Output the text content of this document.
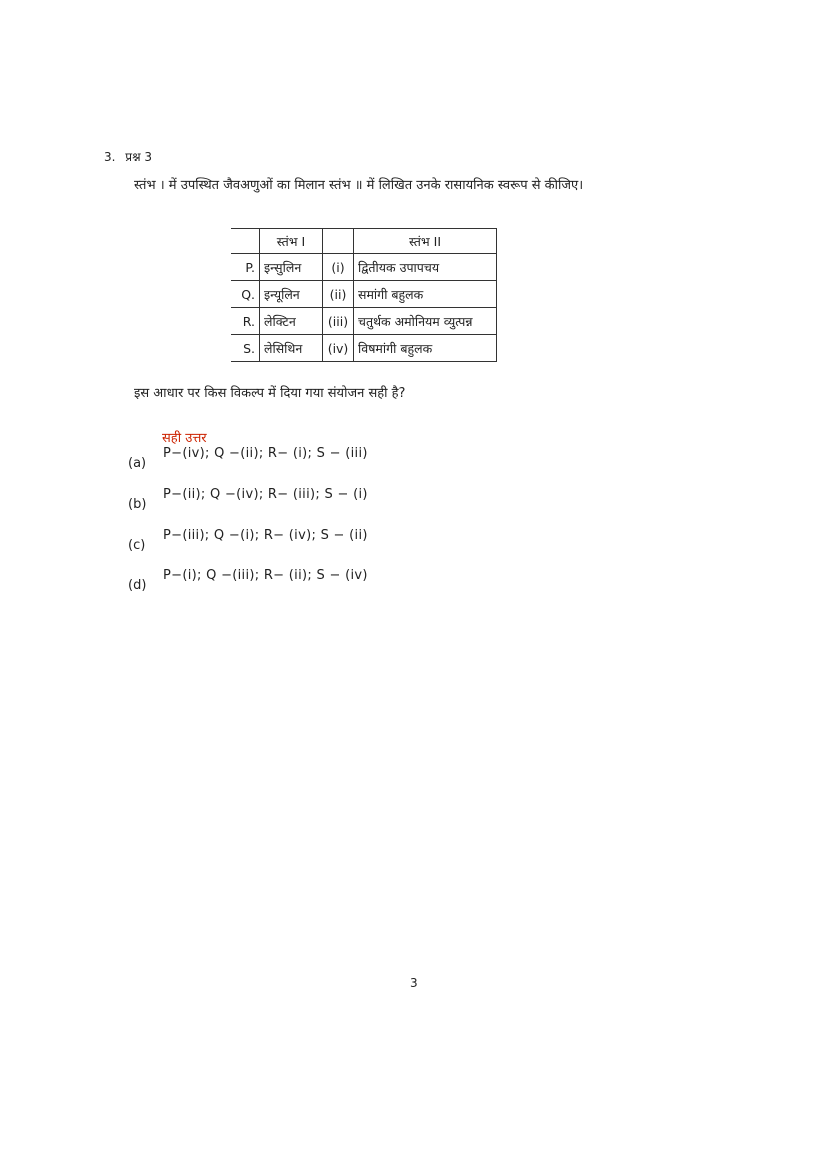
3. प्रश्न 3
स्तंभ । में उपस्थित जैवअणुओं का मिलान स्तंभ ॥ में लिखित उनके रासायनिक स्वरूप से कीजिए।
	स्तंभ I		स्तंभ II
P.	इन्सुलिन	(i)	द्वितीयक उपापचय
Q.	इन्यूलिन	(ii)	समांगी बहुलक
R.	लेक्टिन	(iii)	चतुर्थक अमोनियम व्युत्पन्न
S.	लेसिथिन	(iv)	विषमांगी बहुलक
इस आधार पर किस विकल्प में दिया गया संयोजन सही है?
सही उत्तर
(a)
P−(iv); Q −(ii); R− (i); S − (iii)
(b)
P−(ii); Q −(iv); R− (iii); S − (i)
(c)
P−(iii); Q −(i); R− (iv); S − (ii)
(d)
P−(i); Q −(iii); R− (ii); S − (iv)
3
